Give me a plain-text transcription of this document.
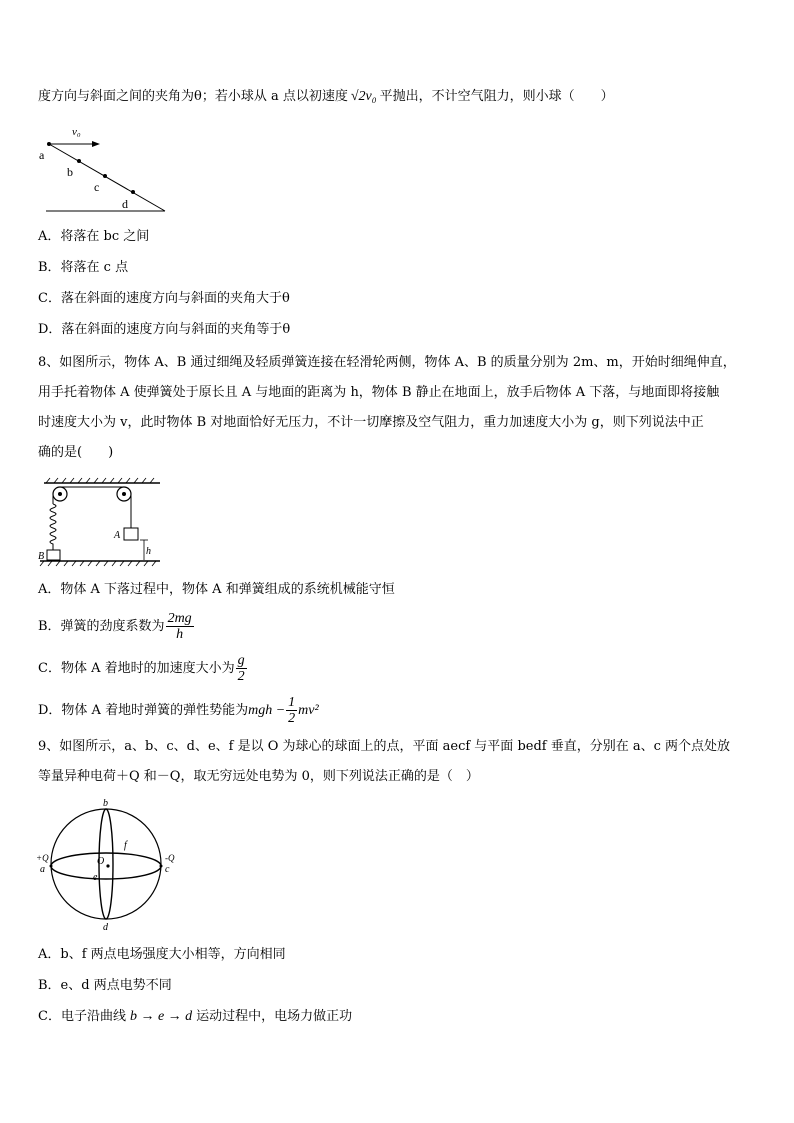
度方向与斜面之间的夹角为θ；若小球从 a 点以初速度 √2v₀ 平抛出，不计空气阻力，则小球（　　）
v₀
a
b
c
d
A．将落在 bc 之间
B．将落在 c 点
C．落在斜面的速度方向与斜面的夹角大于θ
D．落在斜面的速度方向与斜面的夹角等于θ
8、如图所示，物体 A、B 通过细绳及轻质弹簧连接在轻滑轮两侧，物体 A、B 的质量分别为 2m、m，开始时细绳伸直，
用手托着物体 A 使弹簧处于原长且 A 与地面的距离为 h，物体 B 静止在地面上，放手后物体 A 下落，与地面即将接触
时速度大小为 v，此时物体 B 对地面恰好无压力，不计一切摩擦及空气阻力，重力加速度大小为 g，则下列说法中正
确的是(　　)
A
B	h
A．物体 A 下落过程中，物体 A 和弹簧组成的系统机械能守恒
B．弹簧的劲度系数为 $\frac{2mg}{h}$
C．物体 A 着地时的加速度大小为 $\frac{g}{2}$
D．物体 A 着地时弹簧的弹性势能为mgh − $\frac{1}{2} mv^2$
9、如图所示，a、b、c、d、e、f 是以 O 为球心的球面上的点，平面 aecf 与平面 bedf 垂直，分别在 a、c 两个点处放
等量异种电荷＋Q 和－Q，取无穷远处电势为 0，则下列说法正确的是（　）
b
f
O
e
d
+Q
a
-Q
c
A．b、f 两点电场强度大小相等，方向相同
B．e、d 两点电势不同
C．电子沿曲线 b → e → d 运动过程中，电场力做正功
